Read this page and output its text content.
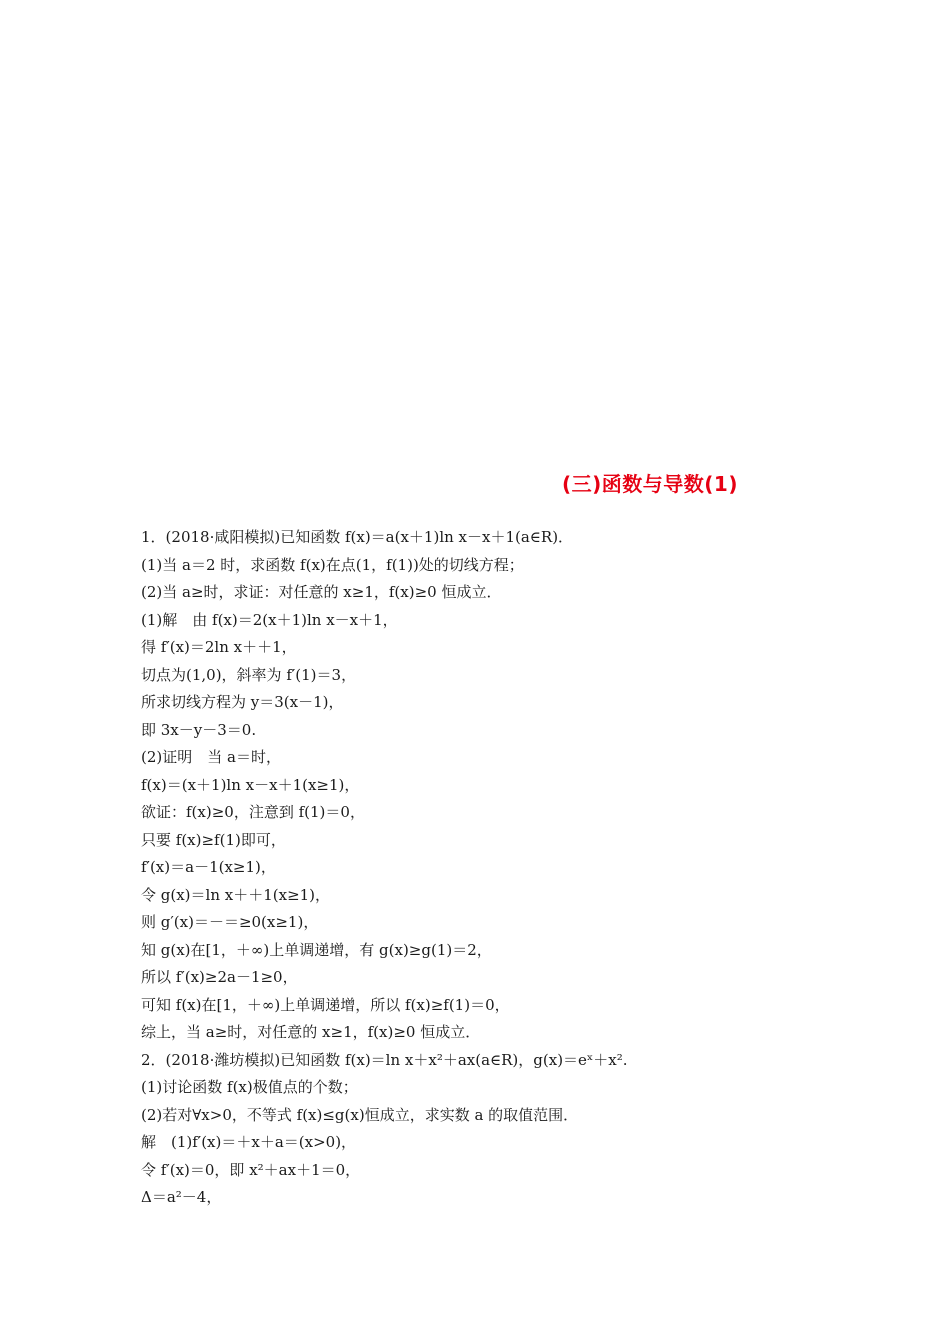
(三)函数与导数(1)
1．(2018·咸阳模拟)已知函数 f(x)＝a(x＋1)ln x－x＋1(a∈R)．
(1)当 a＝2 时，求函数 f(x)在点(1，f(1))处的切线方程；
(2)当 a≥时，求证：对任意的 x≥1，f(x)≥0 恒成立．
(1)解　由 f(x)＝2(x＋1)ln x－x＋1，
得 f′(x)＝2ln x＋＋1，
切点为(1,0)，斜率为 f′(1)＝3，
所求切线方程为 y＝3(x－1)，
即 3x－y－3＝0.
(2)证明　当 a＝时，
f(x)＝(x＋1)ln x－x＋1(x≥1)，
欲证：f(x)≥0，注意到 f(1)＝0，
只要 f(x)≥f(1)即可，
f′(x)＝a－1(x≥1)，
令 g(x)＝ln x＋＋1(x≥1)，
则 g′(x)＝－＝≥0(x≥1)，
知 g(x)在[1，＋∞)上单调递增，有 g(x)≥g(1)＝2，
所以 f′(x)≥2a－1≥0，
可知 f(x)在[1，＋∞)上单调递增，所以 f(x)≥f(1)＝0，
综上，当 a≥时，对任意的 x≥1，f(x)≥0 恒成立．
2．(2018·潍坊模拟)已知函数 f(x)＝ln x＋x²＋ax(a∈R)，g(x)＝eˣ＋x².
(1)讨论函数 f(x)极值点的个数；
(2)若对∀x>0，不等式 f(x)≤g(x)恒成立，求实数 a 的取值范围．
解　(1)f′(x)＝＋x＋a＝(x>0)，
令 f′(x)＝0，即 x²＋ax＋1＝0，
Δ＝a²－4，
